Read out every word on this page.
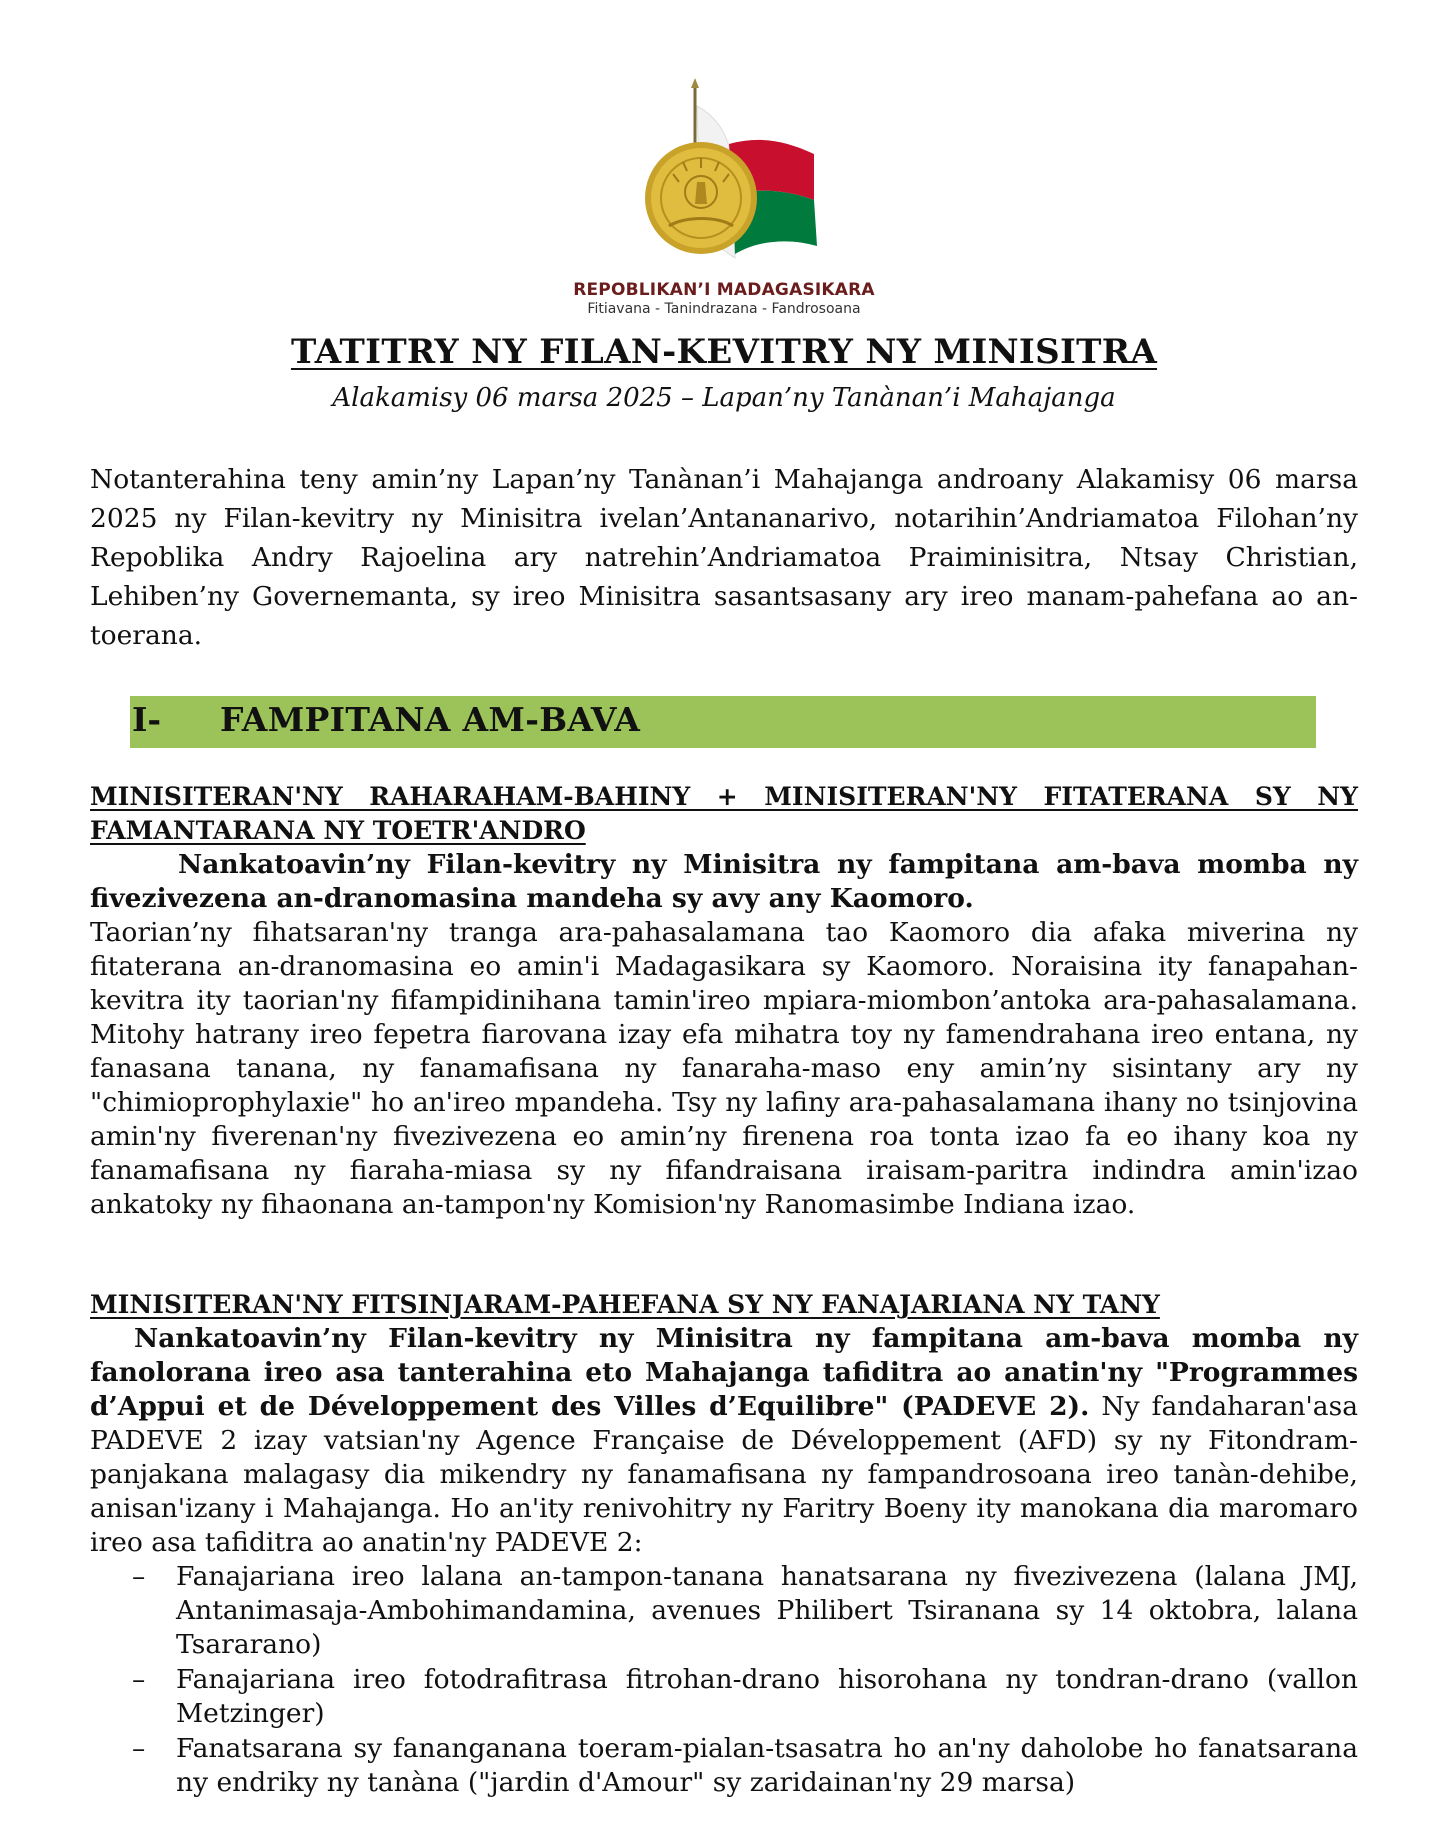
REPOBLIKAN’I MADAGASIKARA
Fitiavana - Tanindrazana - Fandrosoana
TATITRY NY FILAN-KEVITRY NY MINISITRA
Alakamisy 06 marsa 2025 – Lapan’ny Tanànan’i Mahajanga

Notanterahina teny amin’ny Lapan’ny Tanànan’i Mahajanga androany Alakamisy 06 marsa 2025 ny Filan-kevitry ny Minisitra ivelan’Antananarivo, notarihin’Andriamatoa Filohan’ny Repoblika Andry Rajoelina ary natrehin’Andriamatoa Praiminisitra, Ntsay Christian, Lehiben’ny Governemanta, sy ireo Minisitra sasantsasany ary ireo manam-pahefana ao an-toerana.

I- FAMPITANA AM-BAVA

MINISITERAN'NY RAHARAHAM-BAHINY + MINISITERAN'NY FITATERANA SY NY FAMANTARANA NY TOETR'ANDRO

Nankatoavin’ny Filan-kevitry ny Minisitra ny fampitana am-bava momba ny fivezivezena an-dranomasina mandeha sy avy any Kaomoro.

Taorian’ny fihatsaran'ny tranga ara-pahasalamana tao Kaomoro dia afaka miverina ny fitaterana an-dranomasina eo amin'i Madagasikara sy Kaomoro. Noraisina ity fanapahan-kevitra ity taorian'ny fifampidinihana tamin'ireo mpiara-miombon’antoka ara-pahasalamana. Mitohy hatrany ireo fepetra fiarovana izay efa mihatra toy ny famendrahana ireo entana, ny fanasana tanana, ny fanamafisana ny fanaraha-maso eny amin’ny sisintany ary ny "chimioprophylaxie" ho an'ireo mpandeha. Tsy ny lafiny ara-pahasalamana ihany no tsinjovina amin'ny fiverenan'ny fivezivezena eo amin’ny firenena roa tonta izao fa eo ihany koa ny fanamafisana ny fiaraha-miasa sy ny fifandraisana iraisam-paritra indindra amin'izao ankatoky ny fihaonana an-tampon'ny Komision'ny Ranomasimbe Indiana izao.

MINISITERAN'NY FITSINJARAM-PAHEFANA SY NY FANAJARIANA NY TANY

Nankatoavin’ny Filan-kevitry ny Minisitra ny fampitana am-bava momba ny fanolorana ireo asa tanterahina eto Mahajanga tafiditra ao anatin'ny "Programmes d’Appui et de Développement des Villes d’Equilibre" (PADEVE 2). Ny fandaharan'asa PADEVE 2 izay vatsian'ny Agence Française de Développement (AFD) sy ny Fitondram-panjakana malagasy dia mikendry ny fanamafisana ny fampandrosoana ireo tanàn-dehibe, anisan'izany i Mahajanga. Ho an'ity renivohitry ny Faritry Boeny ity manokana dia maromaro ireo asa tafiditra ao anatin'ny PADEVE 2:

– Fanajariana ireo lalana an-tampon-tanana hanatsarana ny fivezivezena (lalana JMJ, Antanimasaja-Ambohimandamina, avenues Philibert Tsiranana sy 14 oktobra, lalana Tsararano)
– Fanajariana ireo fotodrafitrasa fitrohan-drano hisorohana ny tondran-drano (vallon Metzinger)
– Fanatsarana sy fananganana toeram-pialan-tsasatra ho an'ny daholobe ho fanatsarana ny endriky ny tanàna ("jardin d'Amour" sy zaridainan'ny 29 marsa)
